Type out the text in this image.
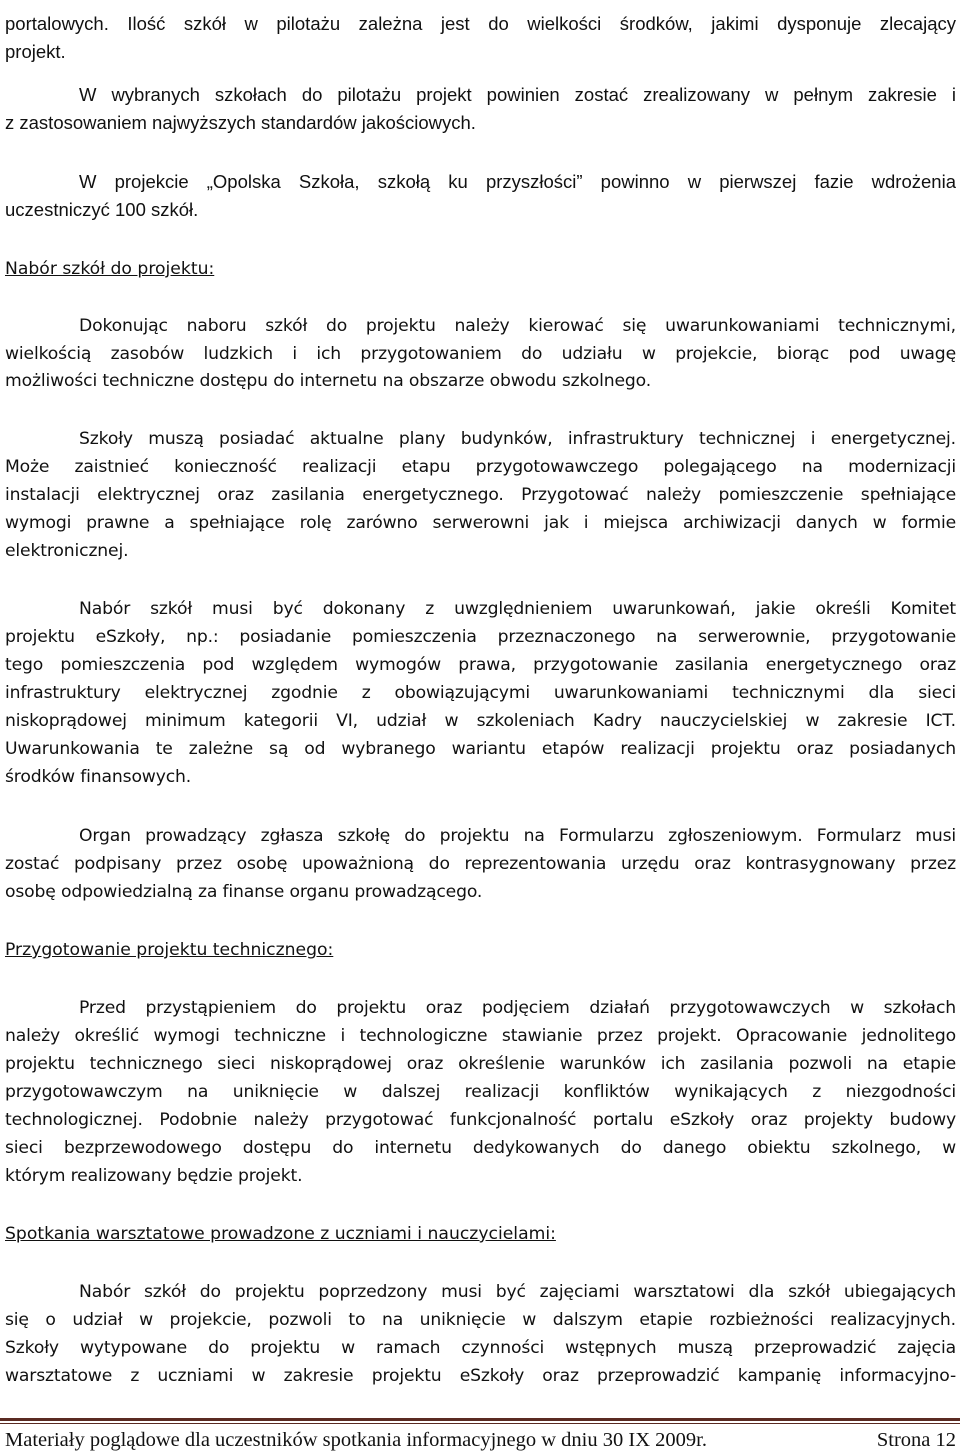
portalowych. Ilość szkół w pilotażu zależna jest do wielkości środków, jakimi dysponuje zlecający
projekt.
W wybranych szkołach do pilotażu projekt powinien zostać zrealizowany w pełnym zakresie i
z zastosowaniem najwyższych standardów jakościowych.
W projekcie „Opolska Szkoła, szkołą ku przyszłości” powinno w pierwszej fazie wdrożenia
uczestniczyć 100 szkół.
Nabór szkół do projektu:
Dokonując naboru szkół do projektu należy kierować się uwarunkowaniami technicznymi,
wielkością zasobów ludzkich i ich przygotowaniem do udziału w projekcie, biorąc pod uwagę
możliwości techniczne dostępu do internetu na obszarze obwodu szkolnego.
Szkoły muszą posiadać aktualne plany budynków, infrastruktury technicznej i energetycznej.
Może zaistnieć konieczność realizacji etapu przygotowawczego polegającego na modernizacji
instalacji elektrycznej oraz zasilania energetycznego. Przygotować należy pomieszczenie spełniające
wymogi prawne a spełniające rolę zarówno serwerowni jak i miejsca archiwizacji danych w formie
elektronicznej.
Nabór szkół musi być dokonany z uwzględnieniem uwarunkowań, jakie określi Komitet
projektu eSzkoły, np.: posiadanie pomieszczenia przeznaczonego na serwerownie, przygotowanie
tego pomieszczenia pod względem wymogów prawa, przygotowanie zasilania energetycznego oraz
infrastruktury elektrycznej zgodnie z obowiązującymi uwarunkowaniami technicznymi dla sieci
niskoprądowej minimum kategorii VI, udział w szkoleniach Kadry nauczycielskiej w zakresie ICT.
Uwarunkowania te zależne są od wybranego wariantu etapów realizacji projektu oraz posiadanych
środków finansowych.
Organ prowadzący zgłasza szkołę do projektu na Formularzu zgłoszeniowym. Formularz musi
zostać podpisany przez osobę upoważnioną do reprezentowania urzędu oraz kontrasygnowany przez
osobę odpowiedzialną za finanse organu prowadzącego.
Przygotowanie projektu technicznego:
Przed przystąpieniem do projektu oraz podjęciem działań przygotowawczych w szkołach
należy określić wymogi techniczne i technologiczne stawianie przez projekt. Opracowanie jednolitego
projektu technicznego sieci niskoprądowej oraz określenie warunków ich zasilania pozwoli na etapie
przygotowawczym na uniknięcie w dalszej realizacji konfliktów wynikających z niezgodności
technologicznej. Podobnie należy przygotować funkcjonalność portalu eSzkoły oraz projekty budowy
sieci bezprzewodowego dostępu do internetu dedykowanych do danego obiektu szkolnego, w
którym realizowany będzie projekt.
Spotkania warsztatowe prowadzone z uczniami i nauczycielami:
Nabór szkół do projektu poprzedzony musi być zajęciami warsztatowi dla szkół ubiegających
się o udział w projekcie, pozwoli to na uniknięcie w dalszym etapie rozbieżności realizacyjnych.
Szkoły wytypowane do projektu w ramach czynności wstępnych muszą przeprowadzić zajęcia
warsztatowe z uczniami w zakresie projektu eSzkoły oraz przeprowadzić kampanię informacyjno-
Materiały poglądowe dla uczestników spotkania informacyjnego w dniu 30 IX 2009r.	Strona 12
